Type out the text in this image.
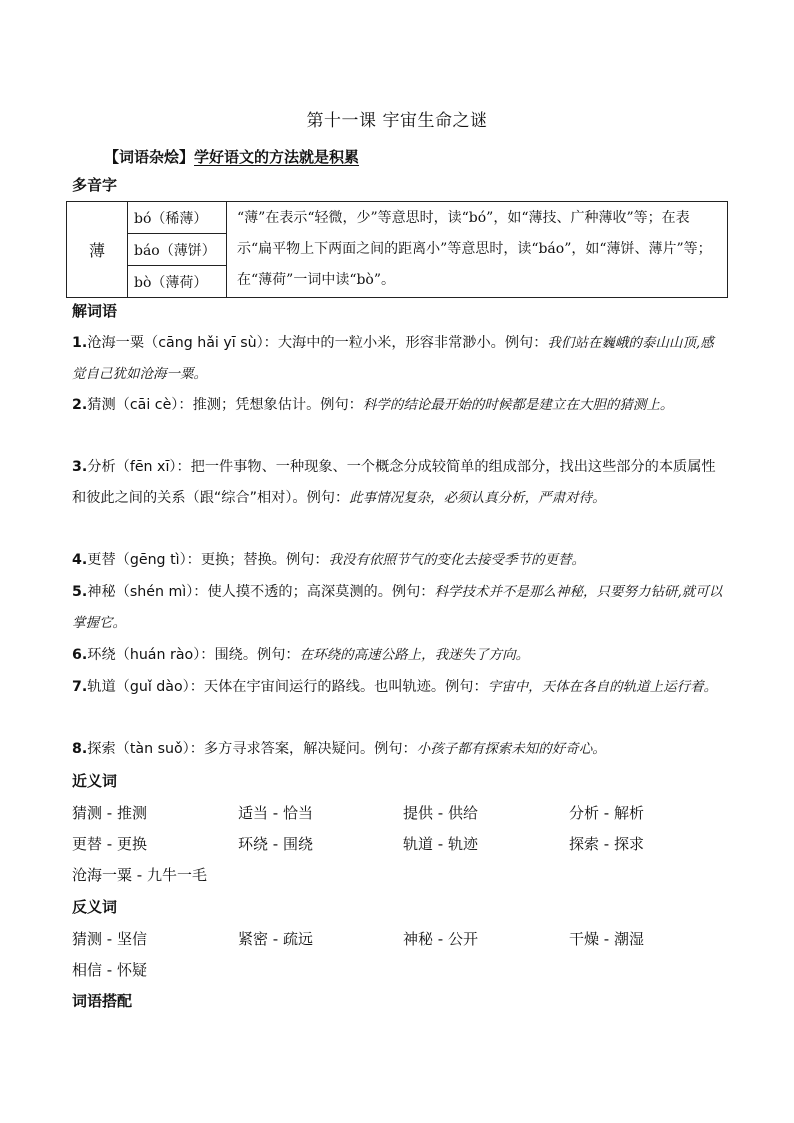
第十一课 宇宙生命之谜
【词语杂烩】学好语文的方法就是积累
多音字
薄	bó（稀薄）	“薄”在表示“轻微，少”等意思时，读“bó”，如“薄技、广种薄收”等；在表示“扁平物上下两面之间的距离小”等意思时，读“báo”，如“薄饼、薄片”等；在“薄荷”一词中读“bò”。
báo（薄饼）
bò（薄荷）
解词语
1.沧海一粟（cāng hǎi yī sù）：大海中的一粒小米，形容非常渺小。例句：我们站在巍峨的泰山山顶,感觉自己犹如沧海一粟。
2.猜测（cāi cè）：推测；凭想象估计。例句：科学的结论最开始的时候都是建立在大胆的猜测上。
3.分析（fēn xī）：把一件事物、一种现象、一个概念分成较简单的组成部分，找出这些部分的本质属性和彼此之间的关系（跟“综合”相对）。例句：此事情况复杂，必须认真分析，严肃对待。
4.更替（gēng tì）：更换；替换。例句：我没有依照节气的变化去接受季节的更替。
5.神秘（shén mì）：使人摸不透的；高深莫测的。例句：科学技术并不是那么神秘，只要努力钻研,就可以掌握它。
6.环绕（huán rào）：围绕。例句：在环绕的高速公路上，我迷失了方向。
7.轨道（guǐ dào）：天体在宇宙间运行的路线。也叫轨迹。例句：宇宙中，天体在各自的轨道上运行着。
8.探索（tàn suǒ）：多方寻求答案，解决疑问。例句：小孩子都有探索未知的好奇心。
近义词
猜测 - 推测	适当 - 恰当	提供 - 供给	分析 - 解析
更替 - 更换	环绕 - 围绕	轨道 - 轨迹	探索 - 探求
沧海一粟 - 九牛一毛
反义词
猜测 - 坚信	紧密 - 疏远	神秘 - 公开	干燥 - 潮湿
相信 - 怀疑
词语搭配
